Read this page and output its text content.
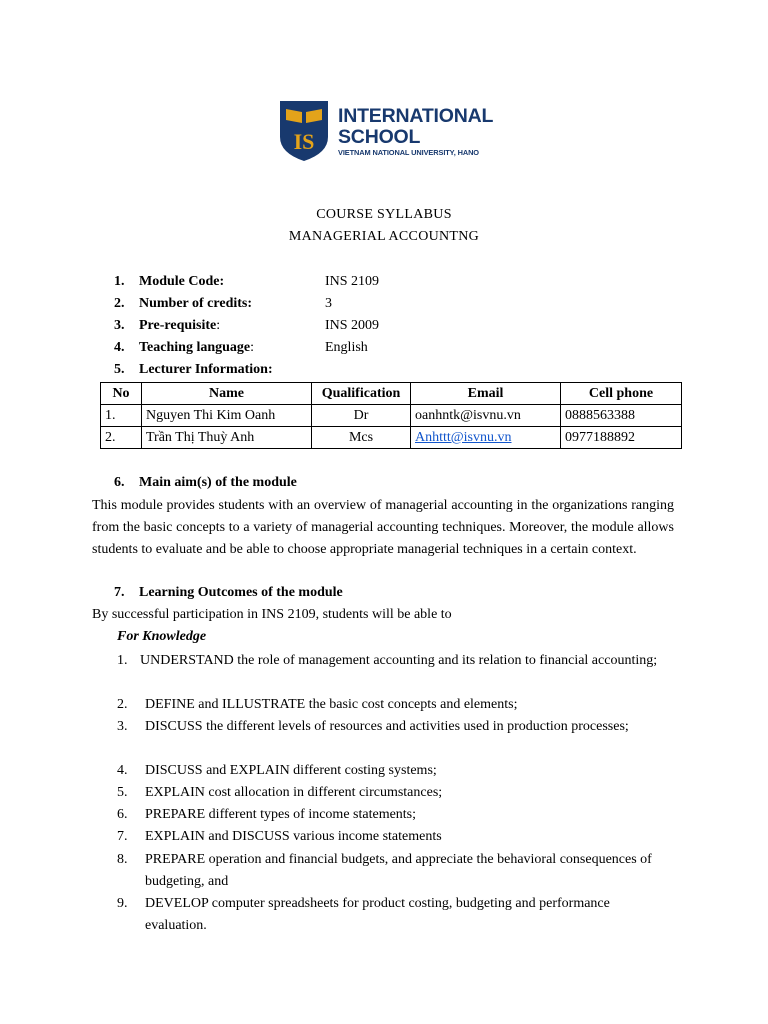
IS
INTERNATIONAL
SCHOOL
VIETNAM NATIONAL UNIVERSITY, HANO
COURSE SYLLABUS
MANAGERIAL ACCOUNTNG
1. Module Code:	INS 2109
2. Number of credits:	3
3. Pre-requisite:	INS 2009
4. Teaching language:	English
5. Lecturer Information:
No	Name	Qualification	Email	Cell phone
1.	Nguyen Thi Kim Oanh	Dr	oanhntk@isvnu.vn	0888563388
2.	Trần Thị Thuỳ Anh	Mcs	Anhttt@isvnu.vn	0977188892
6. Main aim(s) of the module
This module provides students with an overview of managerial accounting in the organizations ranging from the basic concepts to a variety of managerial accounting techniques. Moreover, the module allows students to evaluate and be able to choose appropriate managerial techniques in a certain context.
7. Learning Outcomes of the module
By successful participation in INS 2109, students will be able to
For Knowledge
1. UNDERSTAND the role of management accounting and its relation to financial accounting;
2. DEFINE and ILLUSTRATE the basic cost concepts and elements;
3. DISCUSS the different levels of resources and activities used in production processes;
4. DISCUSS and EXPLAIN different costing systems;
5. EXPLAIN cost allocation in different circumstances;
6. PREPARE different types of income statements;
7. EXPLAIN and DISCUSS various income statements
8. PREPARE operation and financial budgets, and appreciate the behavioral consequences of budgeting, and
9. DEVELOP computer spreadsheets for product costing, budgeting and performance evaluation.
